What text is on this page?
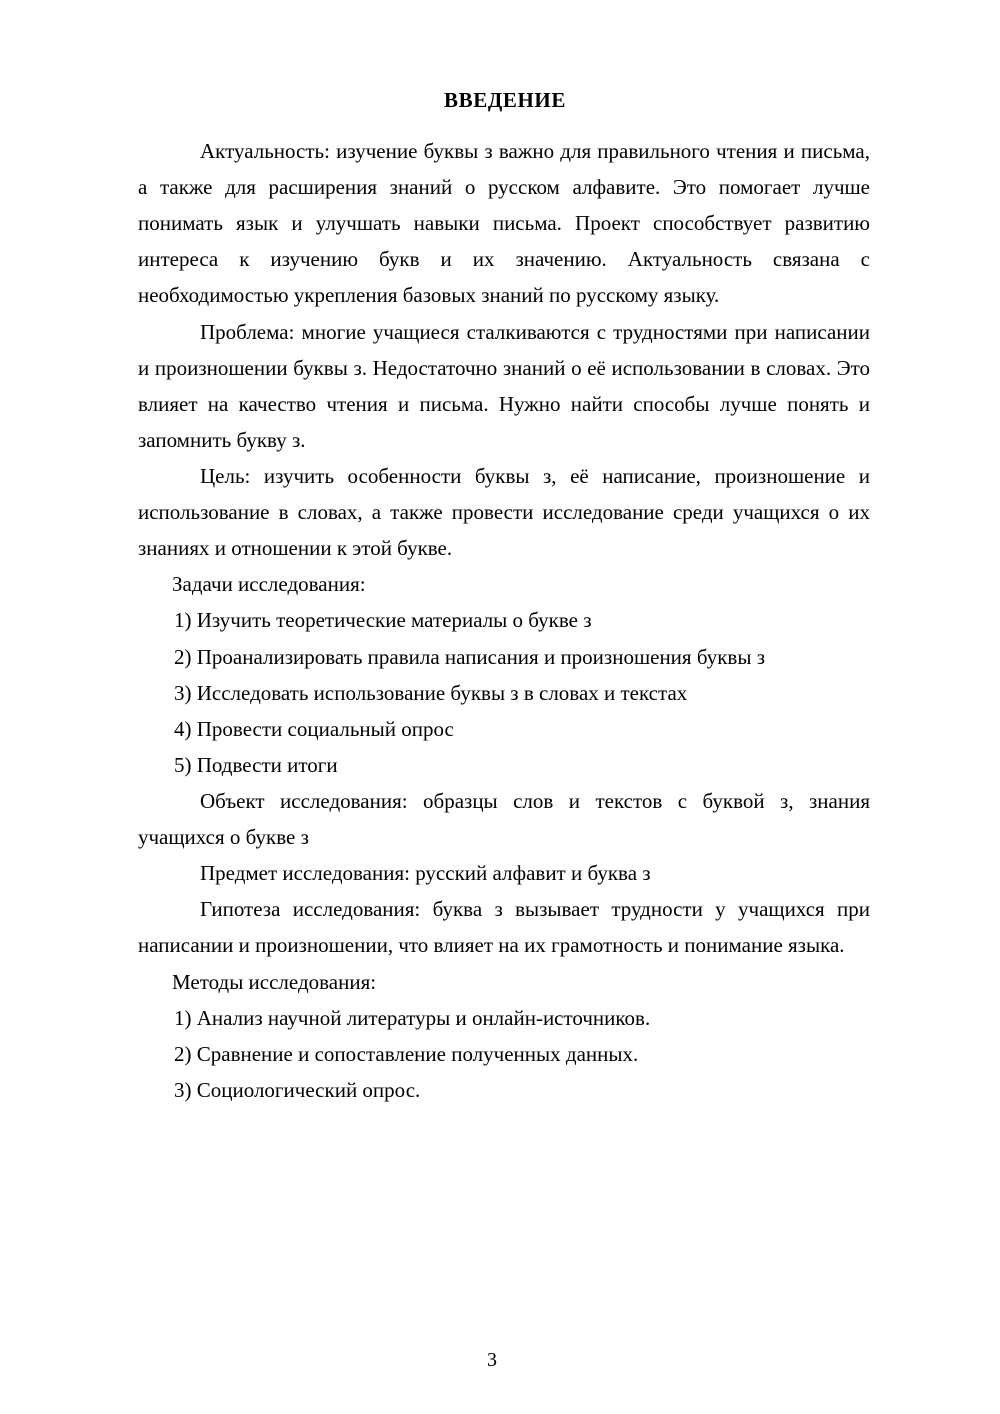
ВВЕДЕНИЕ

Актуальность: изучение буквы з важно для правильного чтения и письма, а также для расширения знаний о русском алфавите. Это помогает лучше понимать язык и улучшать навыки письма. Проект способствует развитию интереса к изучению букв и их значению. Актуальность связана с необходимостью укрепления базовых знаний по русскому языку.

Проблема: многие учащиеся сталкиваются с трудностями при написании и произношении буквы з. Недостаточно знаний о её использовании в словах. Это влияет на качество чтения и письма. Нужно найти способы лучше понять и запомнить букву з.

Цель: изучить особенности буквы з, её написание, произношение и использование в словах, а также провести исследование среди учащихся о их знаниях и отношении к этой букве.

Задачи исследования:

1) Изучить теоретические материалы о букве з

2) Проанализировать правила написания и произношения буквы з

3) Исследовать использование буквы з в словах и текстах

4) Провести социальный опрос

5) Подвести итоги

Объект исследования: образцы слов и текстов с буквой з, знания учащихся о букве з

Предмет исследования: русский алфавит и буква з

Гипотеза исследования: буква з вызывает трудности у учащихся при написании и произношении, что влияет на их грамотность и понимание языка.

Методы исследования:

1) Анализ научной литературы и онлайн-источников.

2) Сравнение и сопоставление полученных данных.

3) Социологический опрос.

3
